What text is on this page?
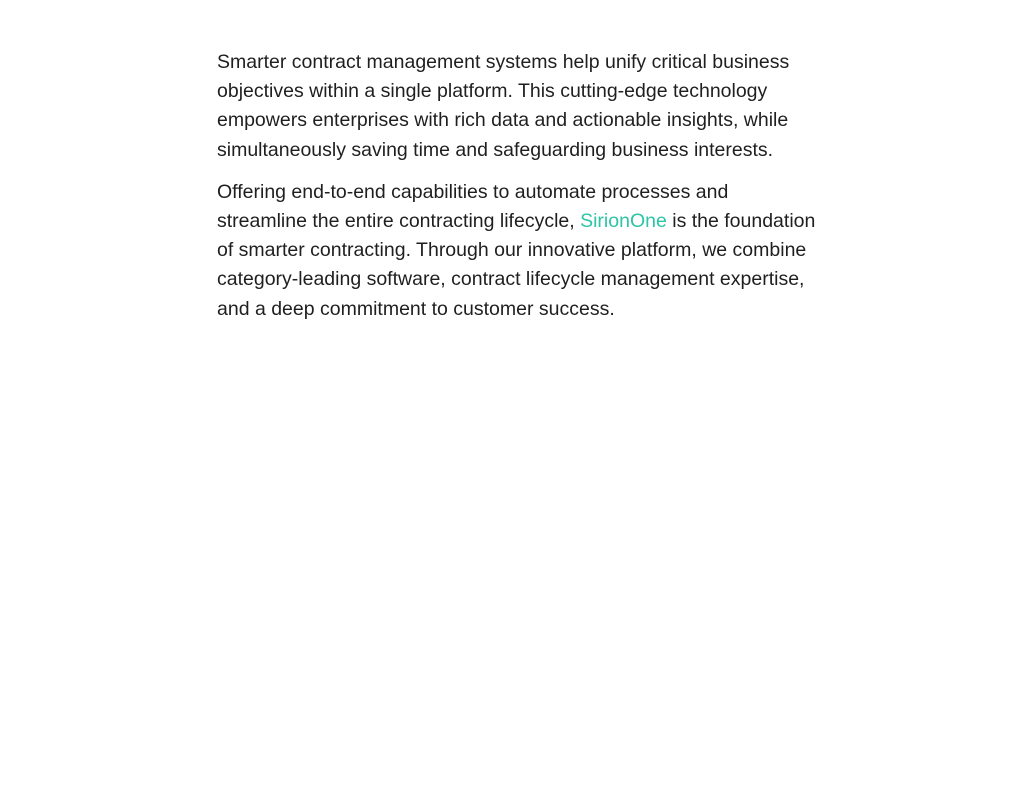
Smarter contract management systems help unify critical business objectives within a single platform. This cutting-edge technology empowers enterprises with rich data and actionable insights, while simultaneously saving time and safeguarding business interests.

Offering end-to-end capabilities to automate processes and streamline the entire contracting lifecycle, SirionOne is the foundation of smarter contracting. Through our innovative platform, we combine category-leading software, contract lifecycle management expertise, and a deep commitment to customer success.
